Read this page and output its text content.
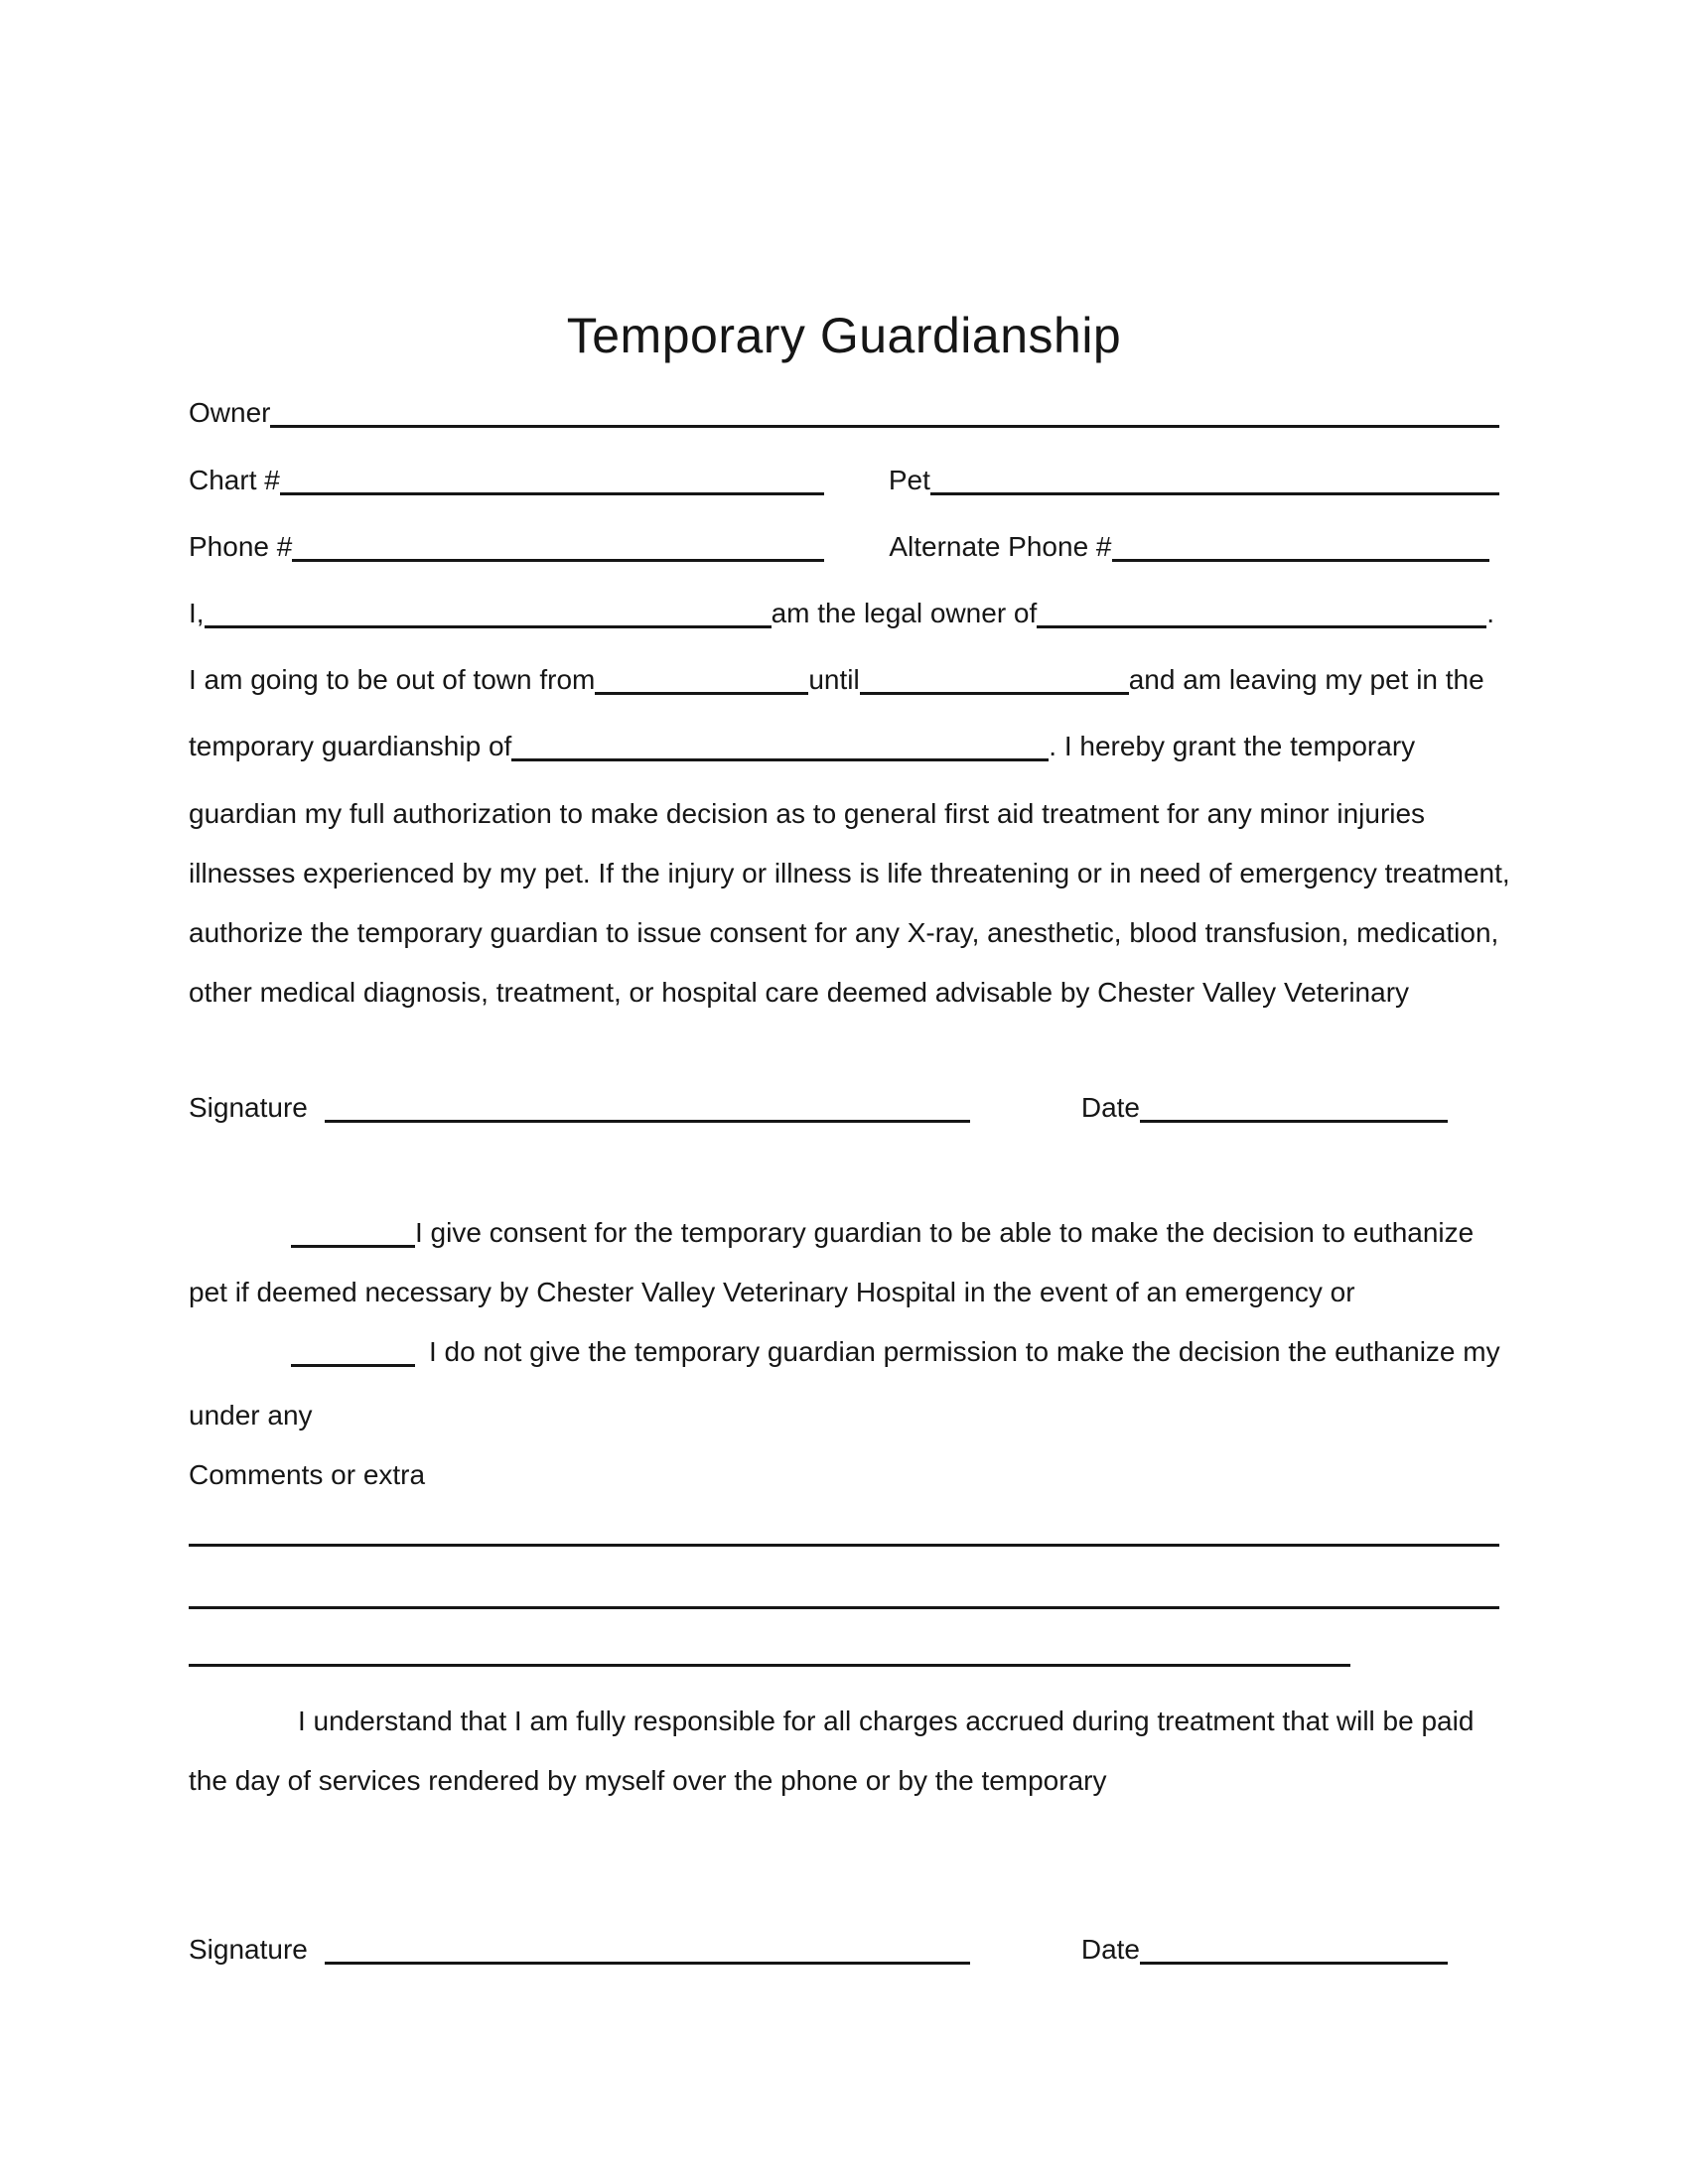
Temporary Guardianship
Owner
Chart #	Pet
Phone #	Alternate Phone #
I,	am the legal owner of	.
I am going to be out of town from	until	and am leaving my pet in the
temporary guardianship of	. I hereby grant the temporary
guardian my full authorization to make decision as to general first aid treatment for any minor injuries
illnesses experienced by my pet. If the injury or illness is life threatening or in need of emergency treatment,
authorize the temporary guardian to issue consent for any X-ray, anesthetic, blood transfusion, medication,
other medical diagnosis, treatment, or hospital care deemed advisable by Chester Valley Veterinary
Signature	Date
I give consent for the temporary guardian to be able to make the decision to euthanize
pet if deemed necessary by Chester Valley Veterinary Hospital in the event of an emergency or
I do not give the temporary guardian permission to make the decision the euthanize my
under any
Comments or extra
I understand that I am fully responsible for all charges accrued during treatment that will be paid
the day of services rendered by myself over the phone or by the temporary
Signature	Date
